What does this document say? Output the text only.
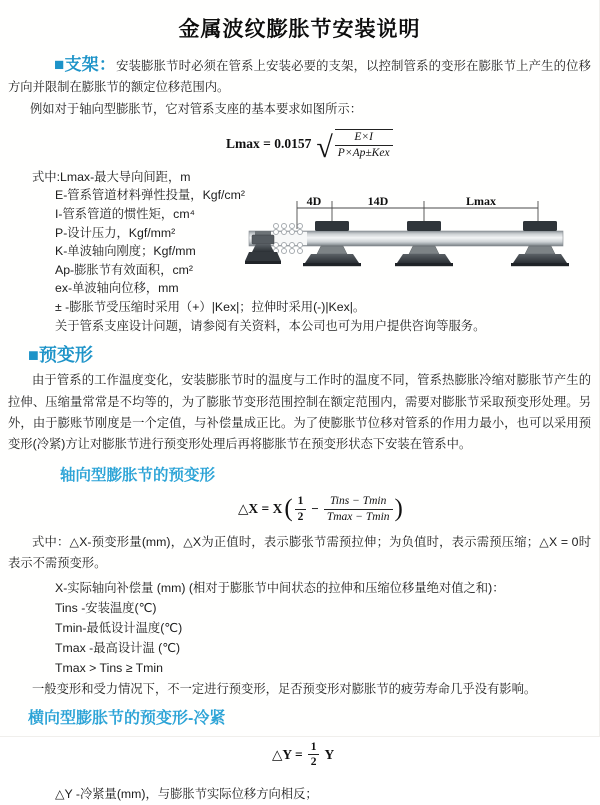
金属波纹膨胀节安装说明

■支架：安装膨胀节时必须在管系上安装必要的支架，以控制管系的变形在膨胀节上产生的位移方向并限制在膨胀节的额定位移范围内。

例如对于轴向型膨胀节，它对管系支座的基本要求如图所示：

Lmax = 0.0157 √ $\frac{E\times I}{\text{P×Ap±Kex}}$
式中:Lmax-最大导向间距，m
E-管系管道材料弹性投量，Kgf/cm²
I-管系管道的惯性矩，cm⁴
P-设计压力，Kgf/mm²
K-单波轴向刚度；Kgf/mm
Ap-膨胀节有效面积，cm²
ex-单波轴向位移，mm
± -膨胀节受压缩时采用（+）|Kex|；拉伸时采用(-)|Kex|。
关于管系支座设计问题，请参阅有关资料，本公司也可为用户提供咨询等服务。
4D	14D	Lmax
■预变形

由于管系的工作温度变化，安装膨胀节时的温度与工作时的温度不同，管系热膨胀冷缩对膨胀节产生的拉伸、压缩量常常是不均等的，为了膨胀节变形范围控制在额定范围内，需要对膨胀节采取预变形处理。另外，由于膨账节刚度是一个定值，与补偿量成正比。为了使膨胀节位移对管系的作用力最小，也可以采用预变形(冷紧)方让对膨胀节进行预变形处理后再将膨胀节在预变形状态下安装在管系中。

轴向型膨胀节的预变形
△X = X ( $\frac{1}{2} - \frac{\text{Tins − Tmin}}{Tmax - Tmin}$ )

式中：△X-预变形量(mm)，△X为正值时，表示膨张节需预拉伸；为负值时，表示需预压缩；△X = 0时表示不需预变形。

X-实际轴向补偿量 (mm) (相对于膨胀节中间状态的拉伸和压缩位移量绝对值之和)：
Tins -安装温度(℃)
Tmin-最低设计温度(℃)
Tmax -最高设计温 (℃)
Tmax > Tins ≥ Tmin

一般变形和受力情况下，不一定进行预变形，足否预变形对膨胀节的疲劳寿命几乎没有影响。

横向型膨胀节的预变形-冷紧
△Y = $\frac{1}{2}$ Y

△Y -冷紧量(mm)，与膨胀节实际位移方向相反；
